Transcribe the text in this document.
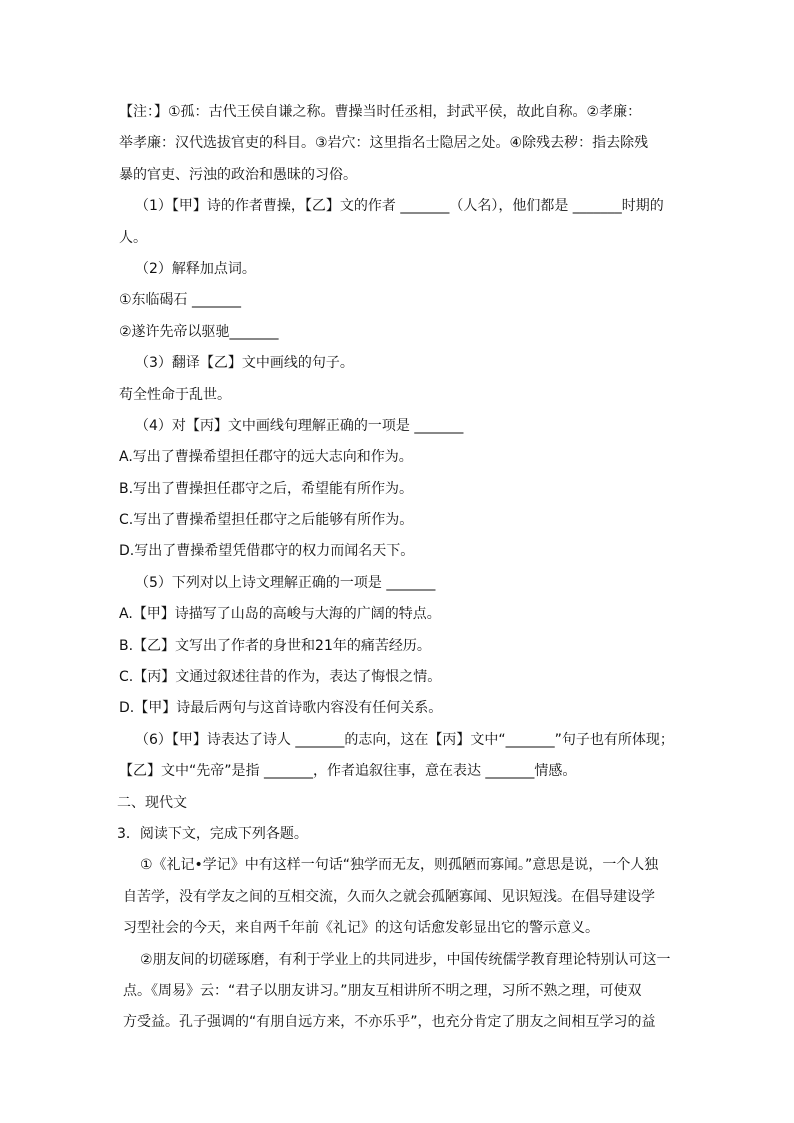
【注：】①孤：古代王侯自谦之称。曹操当时任丞相，封武平侯，故此自称。②孝廉：
举孝廉：汉代选拔官吏的科目。③岩穴：这里指名士隐居之处。④除残去秽：指去除残
暴的官吏、污浊的政治和愚昧的习俗。
（1）【甲】诗的作者曹操，【乙】文的作者 _______（人名），他们都是 _______时期的
人。
（2）解释加点词。
①东临碣石 _______
②遂许先帝以驱驰_______
（3）翻译【乙】文中画线的句子。
苟全性命于乱世。
（4）对【丙】文中画线句理解正确的一项是 _______
A.写出了曹操希望担任郡守的远大志向和作为。
B.写出了曹操担任郡守之后，希望能有所作为。
C.写出了曹操希望担任郡守之后能够有所作为。
D.写出了曹操希望凭借郡守的权力而闻名天下。
（5）下列对以上诗文理解正确的一项是 _______
A.【甲】诗描写了山岛的高峻与大海的广阔的特点。
B.【乙】文写出了作者的身世和21年的痛苦经历。
C.【丙】文通过叙述往昔的作为，表达了悔恨之情。
D.【甲】诗最后两句与这首诗歌内容没有任何关系。
（6）【甲】诗表达了诗人 _______的志向，这在【丙】文中“_______”句子也有所体现；
【乙】文中“先帝”是指 _______，作者追叙往事，意在表达 _______情感。
二、现代文
3．阅读下文，完成下列各题。
①《礼记•学记》中有这样一句话“独学而无友，则孤陋而寡闻。”意思是说，一个人独
自苦学，没有学友之间的互相交流，久而久之就会孤陋寡闻、见识短浅。在倡导建设学
习型社会的今天，来自两千年前《礼记》的这句话愈发彰显出它的警示意义。
②朋友间的切磋琢磨，有利于学业上的共同进步，中国传统儒学教育理论特别认可这一
点。《周易》云：“君子以朋友讲习。”朋友互相讲所不明之理，习所不熟之理，可使双
方受益。孔子强调的“有朋自远方来，不亦乐乎”，也充分肯定了朋友之间相互学习的益
